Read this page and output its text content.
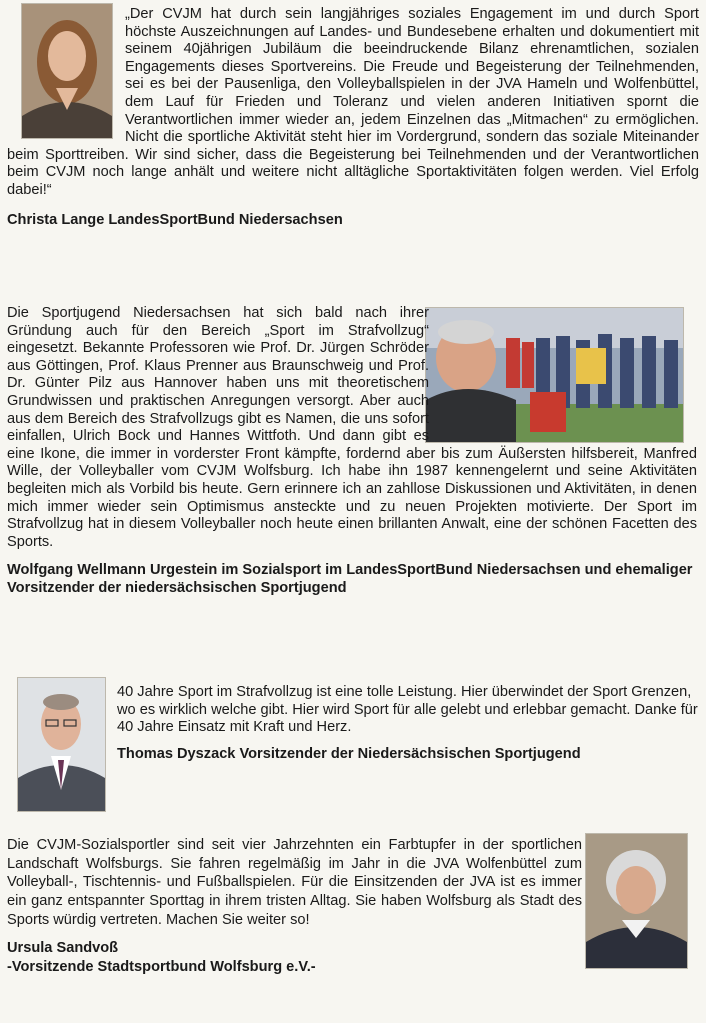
„Der CVJM hat durch sein langjähriges soziales Engagement im und durch Sport höchste Auszeichnungen auf Landes- und Bundesebene erhalten und dokumentiert mit seinem 40jährigen Jubiläum die beeindruckende Bilanz ehrenamtlichen, sozialen Engagements dieses Sportvereins. Die Freude und Begeisterung der Teilnehmenden, sei es bei der Pausenliga, den Volleyballspielen in der JVA Hameln und Wolfenbüttel, dem Lauf für Frieden und Toleranz und vielen anderen Initiativen spornt die Verantwortlichen immer wieder an, jedem Einzelnen das „Mitmachen“ zu ermöglichen. Nicht die sportliche Aktivität steht hier im Vordergrund, sondern das soziale Miteinander beim Sporttreiben. Wir sind sicher, dass die Begeisterung bei Teilnehmenden und der Verantwortlichen beim CVJM noch lange anhält und weitere nicht alltägliche Sportaktivitäten folgen werden. Viel Erfolg dabei!“

Christa Lange LandesSportBund Niedersachsen

Die Sportjugend Niedersachsen hat sich bald nach ihrer Gründung auch für den Bereich „Sport im Strafvollzug“ eingesetzt. Bekannte Professoren wie Prof. Dr. Jürgen Schröder aus Göttingen, Prof. Klaus Prenner aus Braunschweig und Prof. Dr. Günter Pilz aus Hannover haben uns mit theoretischem Grundwissen und praktischen Anregungen versorgt. Aber auch aus dem Bereich des Strafvollzugs gibt es Namen, die uns sofort einfallen, Ulrich Bock und Hannes Wittfoth. Und dann gibt es eine Ikone, die immer in vorderster Front kämpfte, fordernd aber bis zum Äußersten hilfsbereit, Manfred Wille, der Volleyballer vom CVJM Wolfsburg. Ich habe ihn 1987 kennengelernt und seine Aktivitäten begleiten mich als Vorbild bis heute. Gern erinnere ich an zahllose Diskussionen und Aktivitäten, in denen mich immer wieder sein Optimismus ansteckte und zu neuen Projekten motivierte. Der Sport im Strafvollzug hat in diesem Volleyballer noch heute einen brillanten Anwalt, eine der schönen Facetten des Sports.

Wolfgang Wellmann Urgestein im Sozialsport im LandesSportBund Niedersachsen und ehemaliger Vorsitzender der niedersächsischen Sportjugend

40 Jahre Sport im Strafvollzug ist eine tolle Leistung. Hier überwindet der Sport Grenzen, wo es wirklich welche gibt. Hier wird Sport für alle gelebt und erlebbar gemacht. Danke für 40 Jahre Einsatz mit Kraft und Herz.

Thomas Dyszack Vorsitzender der Niedersächsischen Sportjugend

Die CVJM-Sozialsportler sind seit vier Jahrzehnten ein Farbtupfer in der sportlichen Landschaft Wolfsburgs. Sie fahren regelmäßig im Jahr in die JVA Wolfenbüttel zum Volleyball-, Tischtennis- und Fußballspielen. Für die Einsitzenden der JVA ist es immer ein ganz entspannter Sporttag in ihrem tristen Alltag. Sie haben Wolfsburg als Stadt des Sports würdig vertreten. Machen Sie weiter so!

Ursula Sandvoß

-Vorsitzende Stadtsportbund Wolfsburg e.V.-
